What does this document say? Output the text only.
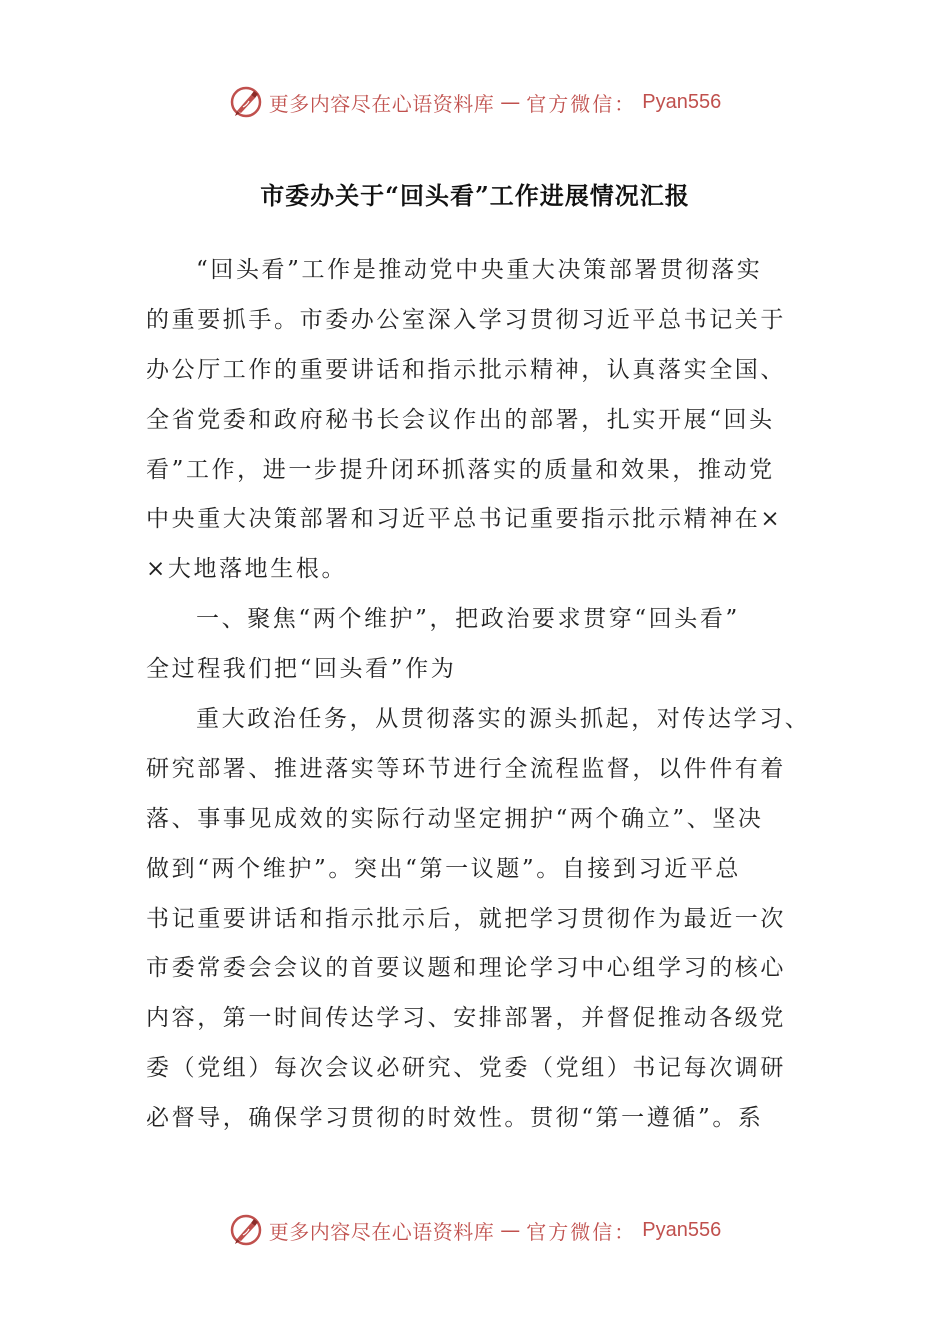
更多内容尽在心语资料库 — 官方微信： Pyan556
市委办关于“回头看”工作进展情况汇报
“回头看”工作是推动党中央重大决策部署贯彻落实
的重要抓手。市委办公室深入学习贯彻习近平总书记关于
办公厅工作的重要讲话和指示批示精神，认真落实全国、
全省党委和政府秘书长会议作出的部署，扎实开展“回头
看”工作，进一步提升闭环抓落实的质量和效果，推动党
中央重大决策部署和习近平总书记重要指示批示精神在×
×大地落地生根。
一、聚焦“两个维护”，把政治要求贯穿“回头看”
全过程我们把“回头看”作为
重大政治任务，从贯彻落实的源头抓起，对传达学习、
研究部署、推进落实等环节进行全流程监督，以件件有着
落、事事见成效的实际行动坚定拥护“两个确立”、坚决
做到“两个维护”。突出“第一议题”。自接到习近平总
书记重要讲话和指示批示后，就把学习贯彻作为最近一次
市委常委会会议的首要议题和理论学习中心组学习的核心
内容，第一时间传达学习、安排部署，并督促推动各级党
委（党组）每次会议必研究、党委（党组）书记每次调研
必督导，确保学习贯彻的时效性。贯彻“第一遵循”。系
更多内容尽在心语资料库 — 官方微信： Pyan556
